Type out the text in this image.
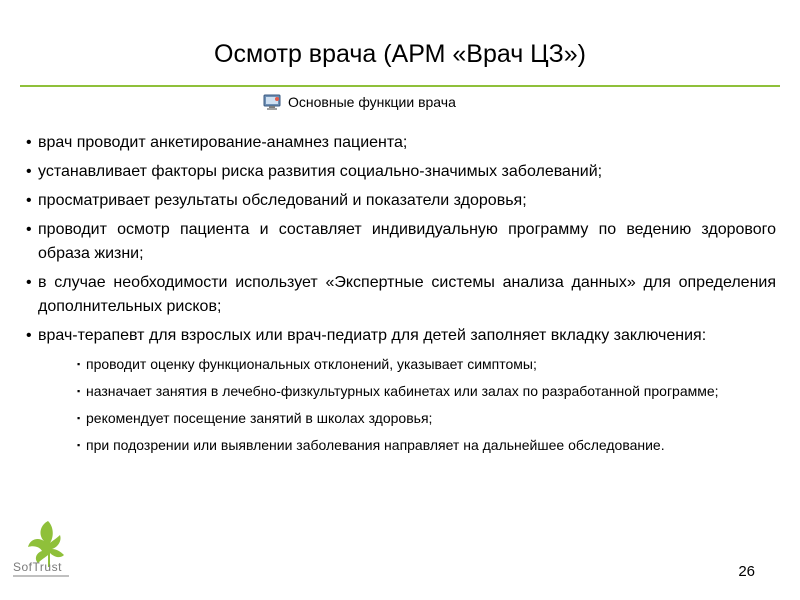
Осмотр врача (АРМ «Врач ЦЗ»)
Основные функции врача
• врач проводит анкетирование-анамнез пациента;
• устанавливает факторы риска развития социально-значимых заболеваний;
• просматривает результаты обследований и показатели здоровья;
• проводит осмотр пациента и составляет индивидуальную программу по ведению здорового образа жизни;
• в случае необходимости использует «Экспертные системы анализа данных» для определения дополнительных рисков;
• врач-терапевт для взрослых или врач-педиатр для детей заполняет вкладку заключения:
▪ проводит оценку функциональных отклонений, указывает симптомы;
▪ назначает занятия в лечебно-физкультурных кабинетах или залах по разработанной программе;
▪ рекомендует посещение занятий в школах здоровья;
▪ при подозрении или выявлении заболевания направляет на дальнейшее обследование.
SofTrust	26
